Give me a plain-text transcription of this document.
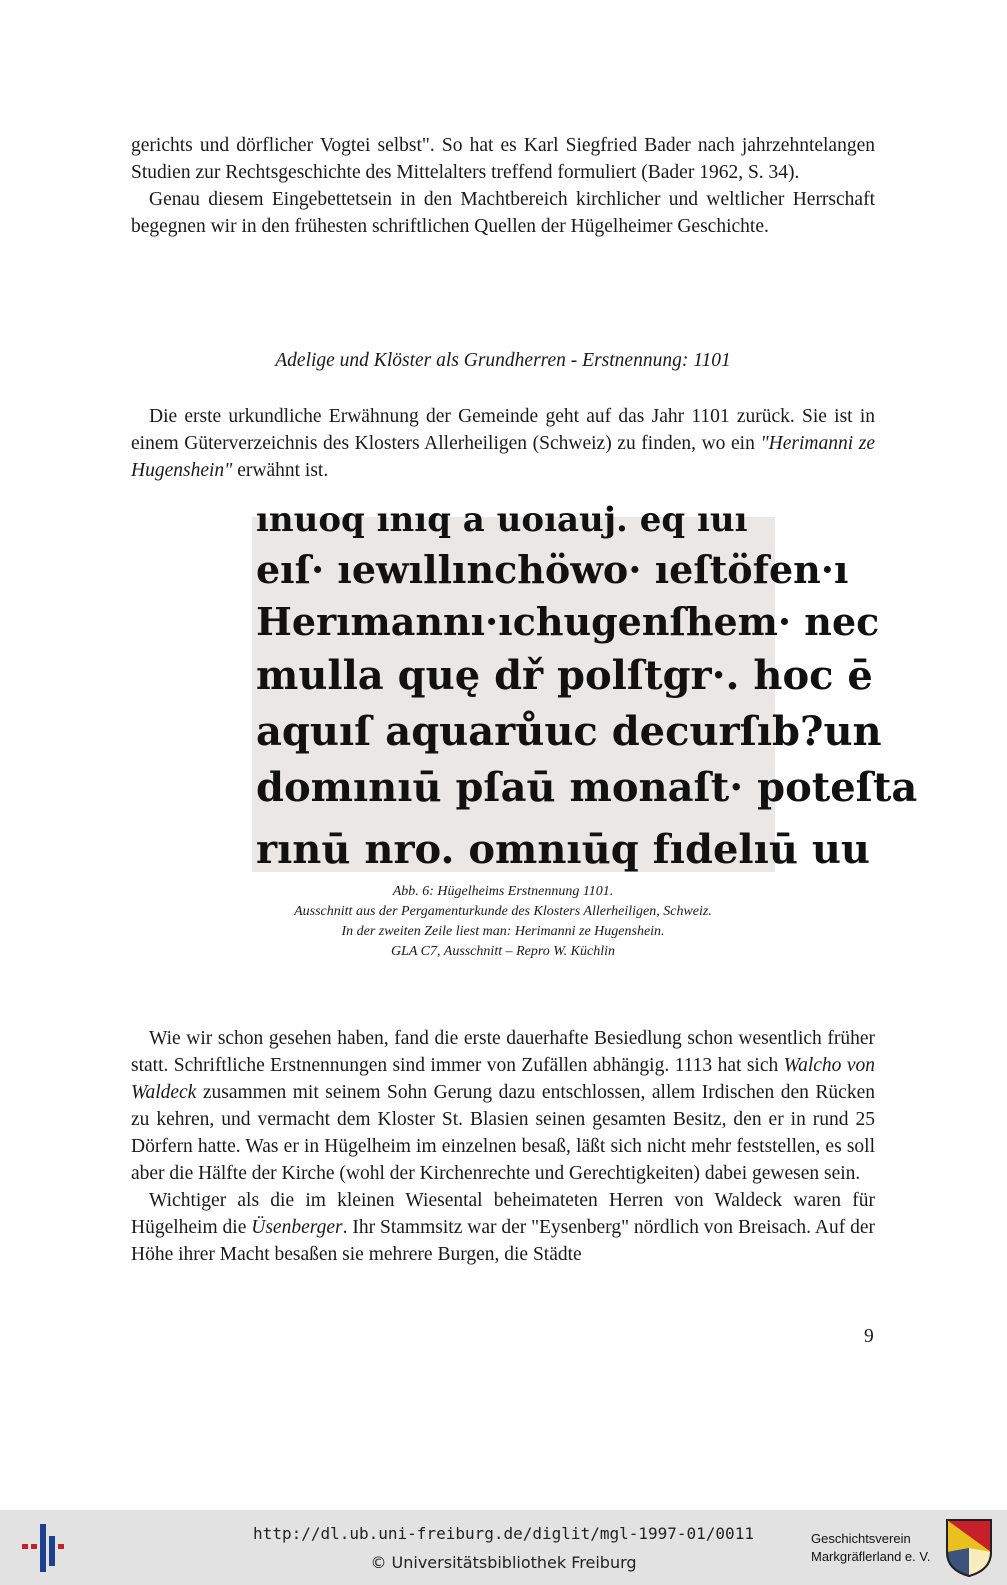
gerichts und dörflicher Vogtei selbst". So hat es Karl Siegfried Bader nach jahrzehntelangen Studien zur Rechtsgeschichte des Mittelalters treffend formuliert (Bader 1962, S. 34).

Genau diesem Eingebettetsein in den Machtbereich kirchlicher und weltlicher Herrschaft begegnen wir in den frühesten schriftlichen Quellen der Hügelheimer Geschichte.

Adelige und Klöster als Grundherren - Erstnennung: 1101

Die erste urkundliche Erwähnung der Gemeinde geht auf das Jahr 1101 zurück. Sie ist in einem Güterverzeichnis des Klosters Allerheiligen (Schweiz) zu finden, wo ein "Herimanni ze Hugenshein" erwähnt ist.

ınuoq ınıq a uoıauj. eq ıuı
eıſ· ıewıllınchöwo· ıeſtöfen·ı
Herımannı·ıchugenſhem· nec
mulla quę dř polſtgr·. hoc ē
aquıſ aquarůuc decurſıb?un
domınıū pſaū monaſt· poteſta
rınū nro. omnıūq fıdelıū uu
Abb. 6: Hügelheims Erstnennung 1101.
Ausschnitt aus der Pergamenturkunde des Klosters Allerheiligen, Schweiz.
In der zweiten Zeile liest man: Herimanni ze Hugenshein.
GLA C7, Ausschnitt – Repro W. Küchlin

Wie wir schon gesehen haben, fand die erste dauerhafte Besiedlung schon wesentlich früher statt. Schriftliche Erstnennungen sind immer von Zufällen abhängig. 1113 hat sich Walcho von Waldeck zusammen mit seinem Sohn Gerung dazu entschlossen, allem Irdischen den Rücken zu kehren, und vermacht dem Kloster St. Blasien seinen gesamten Besitz, den er in rund 25 Dörfern hatte. Was er in Hügelheim im einzelnen besaß, läßt sich nicht mehr feststellen, es soll aber die Hälfte der Kirche (wohl der Kirchenrechte und Gerechtigkeiten) dabei gewesen sein.

Wichtiger als die im kleinen Wiesental beheimateten Herren von Waldeck waren für Hügelheim die Üsenberger. Ihr Stammsitz war der "Eysenberg" nördlich von Breisach. Auf der Höhe ihrer Macht besaßen sie mehrere Burgen, die Städte

9
http://dl.ub.uni-freiburg.de/diglit/mgl-1997-01/0011
© Universitätsbibliothek Freiburg
Geschichtsverein
Markgräflerland e. V.
